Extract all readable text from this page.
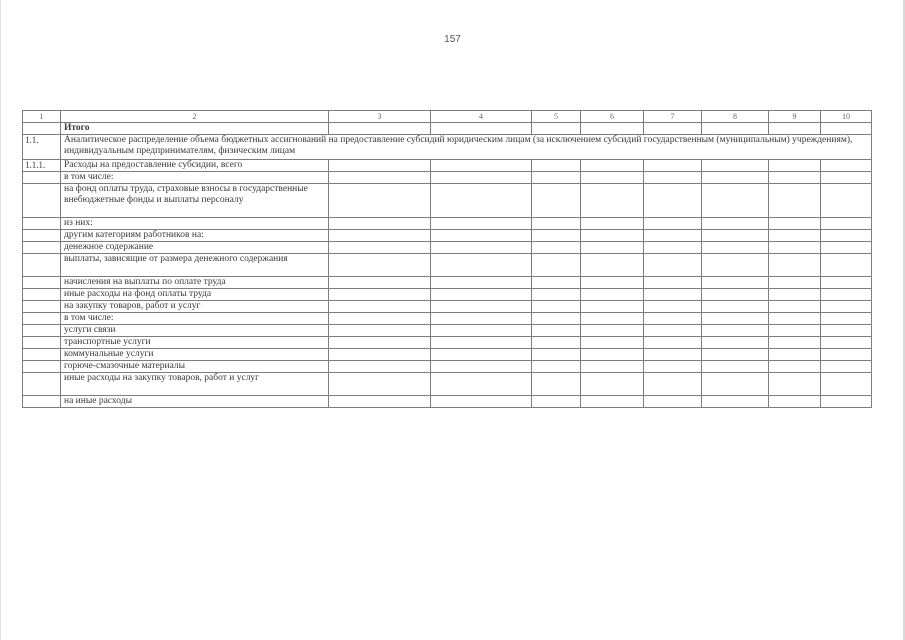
157
1	2	3	4	5	6	7	8	9	10
	Итого								
1.1.	Аналитическое распределение объема бюджетных ассигнований на предоставление субсидий юридическим лицам (за исключением субсидий государственным (муниципальным) учреждениям), индивидуальным предпринимателям, физическим лицам								
1.1.1.	Расходы на предоставление субсидии, всего								
	в том числе:								
	на фонд оплаты труда, страховые взносы в государственные внебюджетные фонды и выплаты персоналу								
	из них:								
	другим категориям работников на:								
	денежное содержание								
	выплаты, зависящие от размера денежного содержания								
	начисления на выплаты по оплате труда								
	иные расходы на фонд оплаты труда								
	на закупку товаров, работ и услуг								
	в том числе:								
	услуги связи								
	транспортные услуги								
	коммунальные услуги								
	горюче-смазочные материалы								
	иные расходы на закупку товаров, работ и услуг								
	на иные расходы								
